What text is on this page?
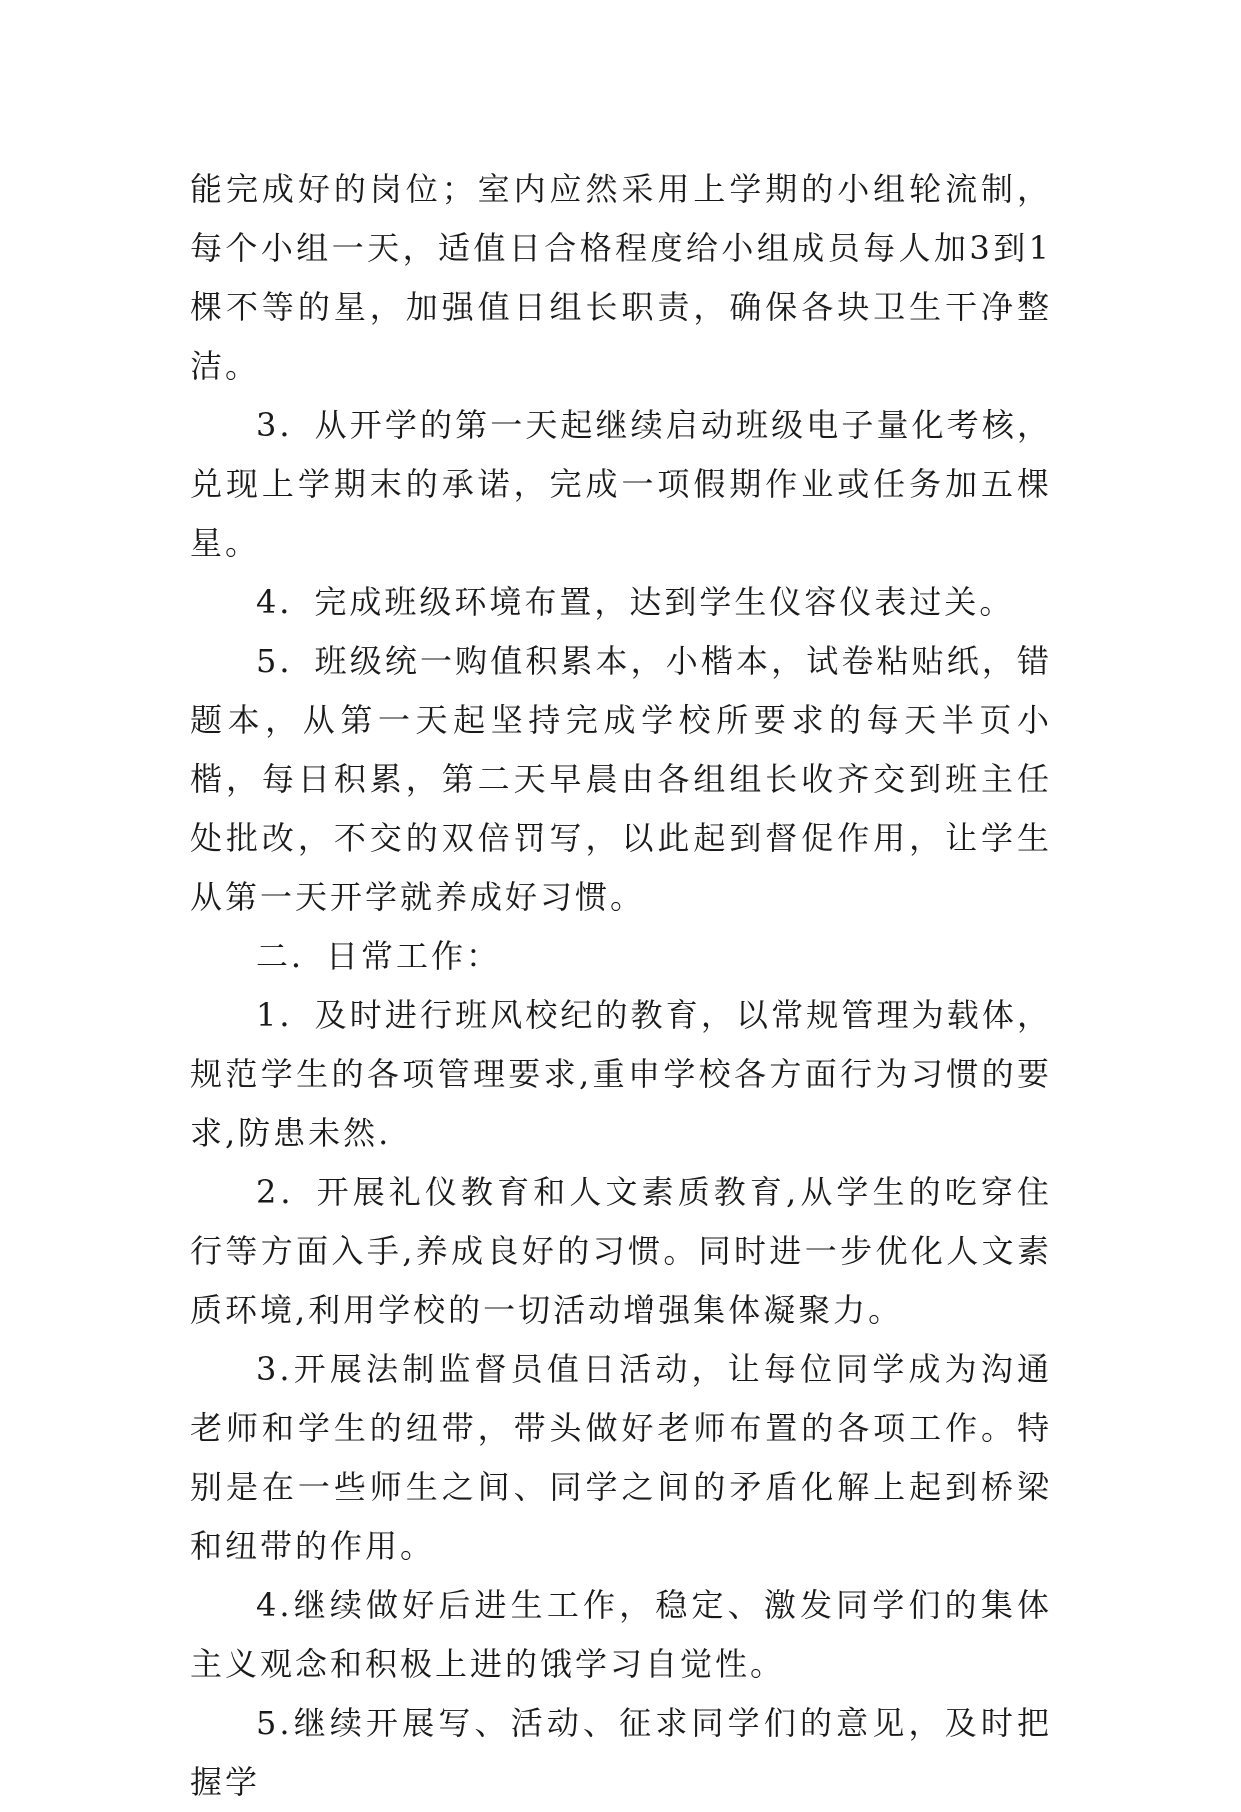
能完成好的岗位；室内应然采用上学期的小组轮流制，每个小组一天，适值日合格程度给小组成员每人加3到1棵不等的星，加强值日组长职责，确保各块卫生干净整洁。

3．从开学的第一天起继续启动班级电子量化考核，兑现上学期末的承诺，完成一项假期作业或任务加五棵星。

4．完成班级环境布置，达到学生仪容仪表过关。

5．班级统一购值积累本，小楷本，试卷粘贴纸，错题本，从第一天起坚持完成学校所要求的每天半页小楷，每日积累，第二天早晨由各组组长收齐交到班主任处批改，不交的双倍罚写，以此起到督促作用，让学生从第一天开学就养成好习惯。

二．日常工作：

1．及时进行班风校纪的教育，以常规管理为载体，规范学生的各项管理要求,重申学校各方面行为习惯的要求,防患未然.

2．开展礼仪教育和人文素质教育,从学生的吃穿住行等方面入手,养成良好的习惯。同时进一步优化人文素质环境,利用学校的一切活动增强集体凝聚力。

3.开展法制监督员值日活动，让每位同学成为沟通老师和学生的纽带，带头做好老师布置的各项工作。特别是在一些师生之间、同学之间的矛盾化解上起到桥梁和纽带的作用。

4.继续做好后进生工作，稳定、激发同学们的集体主义观念和积极上进的饿学习自觉性。

5.继续开展写、活动、征求同学们的意见，及时把握学
